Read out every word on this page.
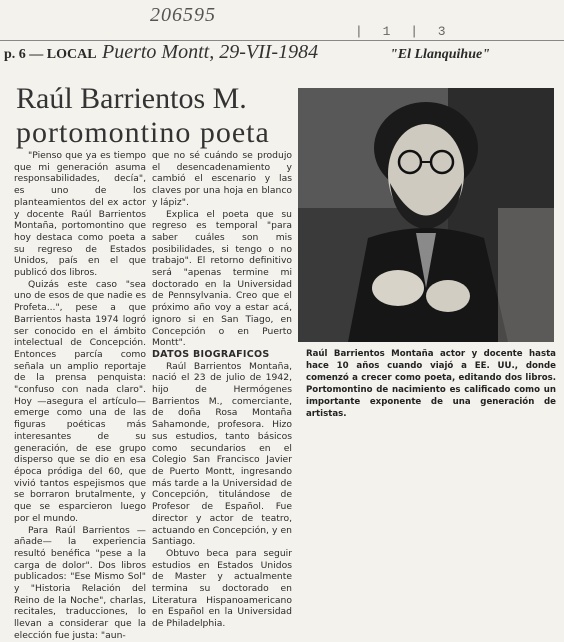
206595
| 1 | 3
p. 6 — LOCAL Puerto Montt, 29-VII-1984	"El Llanquihue"
Raúl Barrientos M.
portomontino poeta
Raúl Barrientos Montaña actor y docente hasta hace 10 años cuando viajó a EE. UU., donde comenzó a crecer como poeta, editando dos libros. Portomontino de nacimiento es calificado como un importante exponente de una generación de artistas.

"Pienso que ya es tiempo que mi generación asuma responsabilidades, decía", es uno de los planteamientos del ex actor y docente Raúl Barrientos Montaña, portomontino que hoy destaca como poeta a su regreso de Estados Unidos, país en el que publicó dos libros.

Quizás este caso "sea uno de esos de que nadie es Profeta...", pese a que Barrientos hasta 1974 logró ser conocido en el ámbito intelectual de Concepción. Entonces parcía como señala un amplio reportaje de la prensa penquista: "confuso con nada claro". Hoy —asegura el artículo— emerge como una de las figuras poéticas más interesantes de su generación, de ese grupo disperso que se dio en esa época pródiga del 60, que vivió tantos espejismos que se borraron brutalmente, y que se esparcieron luego por el mundo.

Para Raúl Barrientos —añade— la experiencia resultó benéfica "pese a la carga de dolor". Dos libros publicados: "Ese Mismo Sol" y "Historia Relación del Reino de la Noche", charlas, recitales, traducciones, lo llevan a considerar que la elección fue justa: "aun-

que no sé cuándo se produjo el desencadenamiento y cambió el escenario y las claves por una hoja en blanco y lápiz".

Explica el poeta que su regreso es temporal "para saber cuáles son mis posibilidades, si tengo o no trabajo". El retorno definitivo será "apenas termine mi doctorado en la Universidad de Pennsylvania. Creo que el próximo año voy a estar acá, ignoro si en San Tiago, en Concepción o en Puerto Montt".

DATOS BIOGRAFICOS

Raúl Barrientos Montaña, nació el 23 de julio de 1942, hijo de Hermógenes Barrientos M., comerciante, de doña Rosa Montaña Sahamonde, profesora. Hizo sus estudios, tanto básicos como secundarios en el Colegio San Francisco Javier de Puerto Montt, ingresando más tarde a la Universidad de Concepción, titulándose de Profesor de Español. Fue director y actor de teatro, actuando en Concepción, y en Santiago.

Obtuvo beca para seguir estudios en Estados Unidos de Master y actualmente termina su doctorado en Literatura Hispanoamericano en Español en la Universidad de Philadelphia.
